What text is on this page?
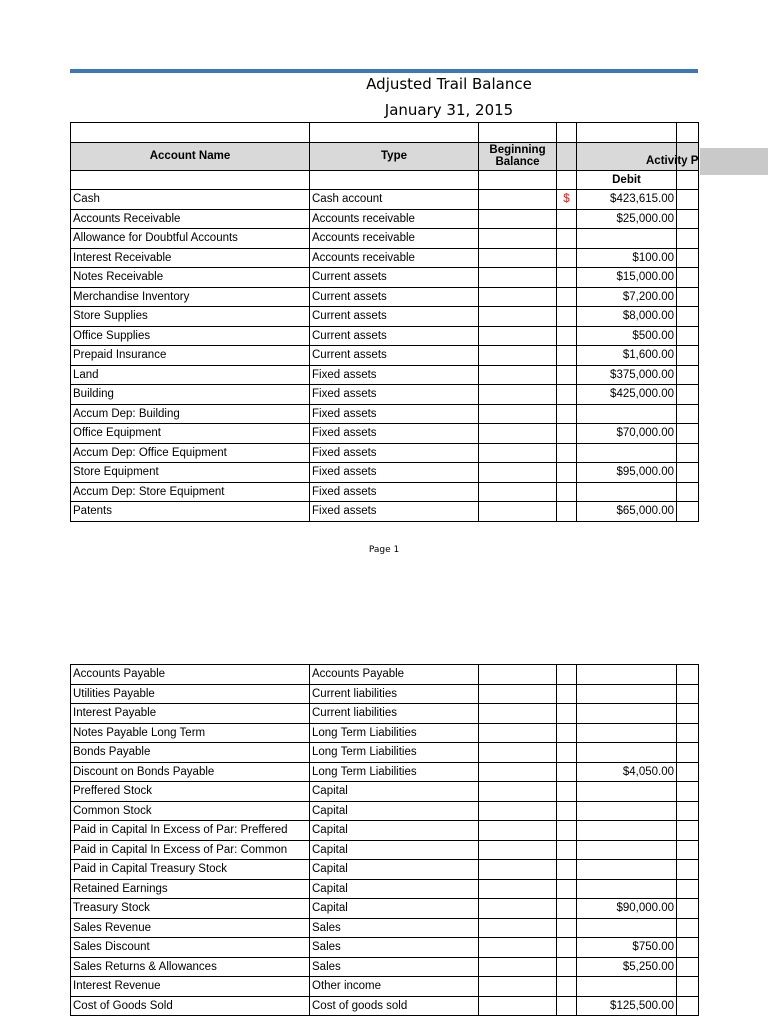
Adjusted Trail Balance
January 31, 2015

Account Name	Type	Beginning Balance			
				Debit	
Cash	Cash account		$	$423,615.00	
Accounts Receivable	Accounts receivable			$25,000.00	
Allowance for Doubtful Accounts	Accounts receivable				
Interest Receivable	Accounts receivable			$100.00	
Notes Receivable	Current assets			$15,000.00	
Merchandise Inventory	Current assets			$7,200.00	
Store Supplies	Current assets			$8,000.00	
Office Supplies	Current assets			$500.00	
Prepaid Insurance	Current assets			$1,600.00	
Land	Fixed assets			$375,000.00	
Building	Fixed assets			$425,000.00	
Accum Dep: Building	Fixed assets				
Office Equipment	Fixed assets			$70,000.00	
Accum Dep: Office Equipment	Fixed assets				
Store Equipment	Fixed assets			$95,000.00	
Accum Dep: Store Equipment	Fixed assets				
Patents	Fixed assets			$65,000.00	
Activity P
Page 1
Accounts Payable	Accounts Payable				
Utilities Payable	Current liabilities				
Interest Payable	Current liabilities				
Notes Payable Long Term	Long Term Liabilities				
Bonds Payable	Long Term Liabilities				
Discount on Bonds Payable	Long Term Liabilities			$4,050.00	
Preffered Stock	Capital				
Common Stock	Capital				
Paid in Capital In Excess of Par: Preffered	Capital				
Paid in Capital In Excess of Par: Common	Capital				
Paid in Capital Treasury Stock	Capital				
Retained Earnings	Capital				
Treasury Stock	Capital			$90,000.00	
Sales Revenue	Sales				
Sales Discount	Sales			$750.00	
Sales Returns & Allowances	Sales			$5,250.00	
Interest Revenue	Other income				
Cost of Goods Sold	Cost of goods sold			$125,500.00	
